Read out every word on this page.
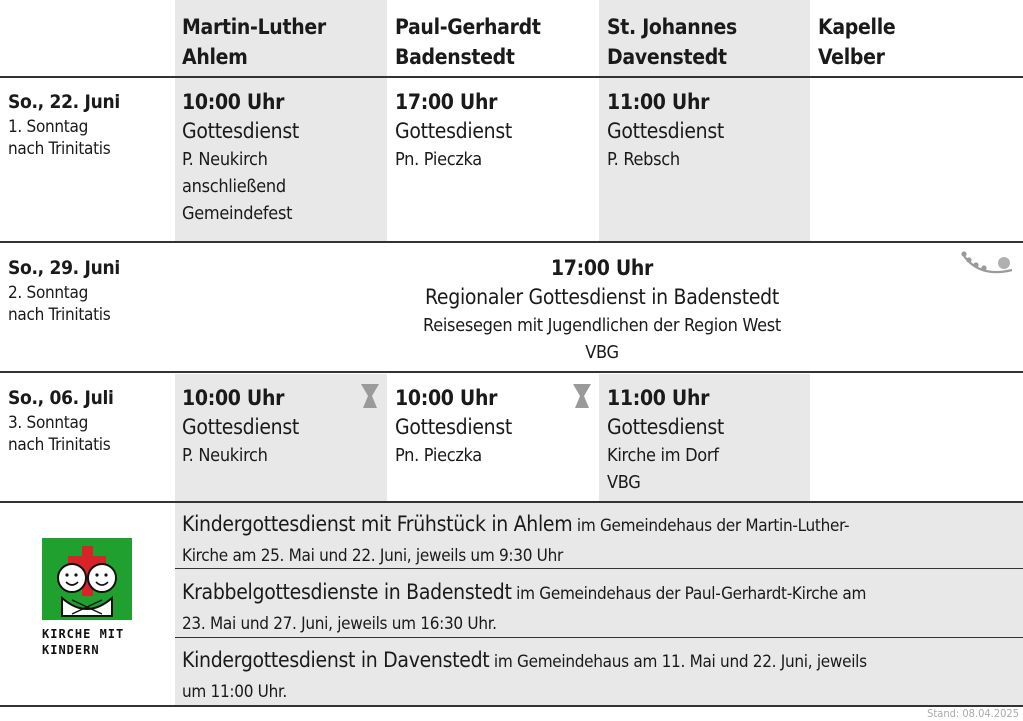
Martin-Luther
Ahlem
Paul-Gerhardt
Badenstedt
St. Johannes
Davenstedt
Kapelle
Velber
So., 22. Juni
1. Sonntag
nach Trinitatis
10:00 Uhr
Gottesdienst
P. Neukirch
anschließend
Gemeindefest
17:00 Uhr
Gottesdienst
Pn. Pieczka
11:00 Uhr
Gottesdienst
P. Rebsch
So., 29. Juni
2. Sonntag
nach Trinitatis
17:00 Uhr
Regionaler Gottesdienst in Badenstedt
Reisesegen mit Jugendlichen der Region West
VBG
So., 06. Juli
3. Sonntag
nach Trinitatis
10:00 Uhr
Gottesdienst
P. Neukirch
10:00 Uhr
Gottesdienst
Pn. Pieczka
11:00 Uhr
Gottesdienst
Kirche im Dorf
VBG
KIRCHE MIT
KINDERN
Kindergottesdienst mit Frühstück in Ahlem im Gemeindehaus der Martin-Luther-
Kirche am 25. Mai und 22. Juni, jeweils um 9:30 Uhr
Krabbelgottesdienste in Badenstedt im Gemeindehaus der Paul-Gerhardt-Kirche am
23. Mai und 27. Juni, jeweils um 16:30 Uhr.
Kindergottesdienst in Davenstedt im Gemeindehaus am 11. Mai und 22. Juni, jeweils
um 11:00 Uhr.
Stand: 08.04.2025
